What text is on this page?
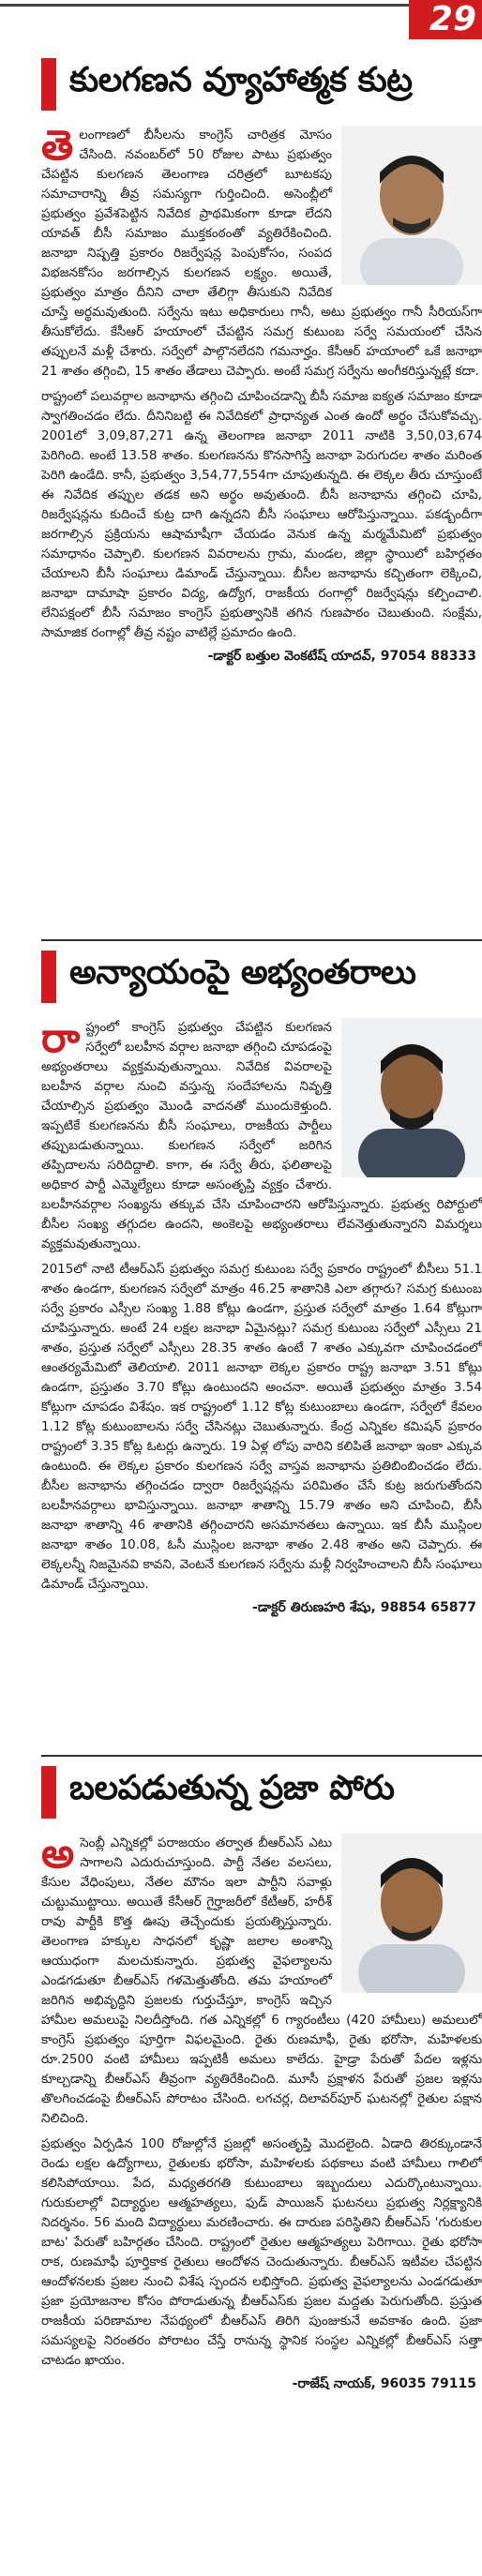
29
కులగణన వ్యూహాత్మక కుట్ర
తె లంగాణలో బీసీలను కాంగ్రెస్ చారిత్రక మోసం చేసింది. నవంబర్‌లో 50 రోజుల పాటు ప్రభుత్వం చేపట్టిన కులగణన తెలంగాణ చరిత్రలో బూటకపు సమాచారాన్ని తీవ్ర సమస్యగా గుర్తించింది. అసెంబ్లీలో ప్రభుత్వం ప్రవేశపెట్టిన నివేదిక ప్రాథమికంగా కూడా లేదని యావత్ బీసీ సమాజం ముక్తకంఠంతో వ్యతిరేకించింది. జనాభా నిష్పత్తి ప్రకారం రిజర్వేషన్ల పెంపుకోసం, సంపద విభజనకోసం జరగాల్సిన కులగణన లక్ష్యం. అయితే, ప్రభుత్వం మాత్రం దీనిని చాలా తేలిగ్గా తీసుకుని నివేదిక చూస్తే అర్థమవుతుంది. సర్వేను ఇటు అధికారులు గానీ, అటు ప్రభుత్వం గానీ సీరియస్‌గా తీసుకోలేదు. కేసీఆర్ హయాంలో చేపట్టిన సమగ్ర కుటుంబ సర్వే సమయంలో చేసిన తప్పులనే మళ్లీ చేశారు. సర్వేలో పాల్గొనలేదని గమనార్హం. కేసీఆర్ హయాంలో ఒకే జనాభా 21 శాతం తగ్గించి, 15 శాతం తేడాలు చెప్పారు. అంటే సమగ్ర సర్వేను అంగీకరిస్తున్నట్లే కదా.

రాష్ట్రంలో పలువర్గాల జనాభాను తగ్గించి చూపించడాన్ని బీసీ సమాజ ఐక్యత సమాజం కూడా స్వాగతించడం లేదు. దీనినిబట్టి ఈ నివేదికలో ప్రాధాన్యత ఎంత ఉందో అర్థం చేసుకోవచ్చు. 2001లో 3,09,87,271 ఉన్న తెలంగాణ జనాభా 2011 నాటికి 3,50,03,674 పెరిగింది. అంటే 13.58 శాతం. కులగణనను కొనసాగిస్తే జనాభా పెరుగుదల శాతం మరింత పెరిగి ఉండేది. కానీ, ప్రభుత్వం 3,54,77,554గా చూపుతున్నది. ఈ లెక్కల తీరు చూస్తుంటే ఈ నివేదిక తప్పుల తడక అని అర్థం అవుతుంది. బీసీ జనాభాను తగ్గించి చూపి, రిజర్వేషన్లను కుదించే కుట్ర దాగి ఉన్నదని బీసీ సంఘాలు ఆరోపిస్తున్నాయి. పకడ్బందీగా జరగాల్సిన ప్రక్రియను ఆషామాషీగా చేయడం వెనుక ఉన్న మర్మమేమిటో ప్రభుత్వం సమాధానం చెప్పాలి. కులగణన వివరాలను గ్రామ, మండల, జిల్లా స్థాయిలో బహిర్గతం చేయాలని బీసీ సంఘాలు డిమాండ్ చేస్తున్నాయి. బీసీల జనాభాను కచ్చితంగా లెక్కించి, జనాభా దామాషా ప్రకారం విద్య, ఉద్యోగ, రాజకీయ రంగాల్లో రిజర్వేషన్లు కల్పించాలి. లేనిపక్షంలో బీసీ సమాజం కాంగ్రెస్ ప్రభుత్వానికి తగిన గుణపాఠం చెబుతుంది. సంక్షేమ, సామాజిక రంగాల్లో తీవ్ర నష్టం వాటిల్లే ప్రమాదం ఉంది.

-డాక్టర్ బత్తుల వెంకటేష్ యాదవ్, 97054 88333
అన్యాయంపై అభ్యంతరాలు
రా ష్ట్రంలో కాంగ్రెస్ ప్రభుత్వం చేపట్టిన కులగణన సర్వేలో బలహీన వర్గాల జనాభా తగ్గించి చూపడంపై అభ్యంతరాలు వ్యక్తమవుతున్నాయి. నివేదిక వివరాలపై బలహీన వర్గాల నుంచి వస్తున్న సందేహాలను నివృత్తి చేయాల్సిన ప్రభుత్వం మొండి వాదనతో ముందుకెళ్తుంది. ఇప్పటికే కులగణనను బీసీ సంఘాలు, రాజకీయ పార్టీలు తప్పుబడుతున్నాయి. కులగణన సర్వేలో జరిగిన తప్పిదాలను సరిదిద్దాలి. కాగా, ఈ సర్వే తీరు, ఫలితాలపై అధికార పార్టీ ఎమ్మెల్యేలు కూడా అసంతృప్తి వ్యక్తం చేశారు. బలహీనవర్గాల సంఖ్యను తక్కువ చేసి చూపించారని ఆరోపిస్తున్నారు. ప్రభుత్వ రిపోర్టులో బీసీల సంఖ్య తగ్గుదల ఉందని, అంకెలపై అభ్యంతరాలు లేవనెత్తుతున్నారని విమర్శలు వ్యక్తమవుతున్నాయి.

2015లో నాటి టీఆర్ఎస్ ప్రభుత్వం సమగ్ర కుటుంబ సర్వే ప్రకారం రాష్ట్రంలో బీసీలు 51.1 శాతం ఉండగా, కులగణన సర్వేలో మాత్రం 46.25 శాతానికి ఎలా తగ్గారు? సమగ్ర కుటుంబ సర్వే ప్రకారం ఎస్సీల సంఖ్య 1.88 కోట్లు ఉండగా, ప్రస్తుత సర్వేలో మాత్రం 1.64 కోట్లుగా చూపిస్తున్నారు. అంటే 24 లక్షల జనాభా ఏమైనట్లు? సమగ్ర కుటుంబ సర్వేలో ఎస్సీలు 21 శాతం, ప్రస్తుత సర్వేలో ఎస్సీలు 28.35 శాతం ఉంటే 7 శాతం ఎక్కువగా చూపించడంలో ఆంతర్యమేమిటో తెలియాలి. 2011 జనాభా లెక్కల ప్రకారం రాష్ట్ర జనాభా 3.51 కోట్లు ఉండగా, ప్రస్తుతం 3.70 కోట్లు ఉంటుందని అంచనా. అయితే ప్రభుత్వం మాత్రం 3.54 కోట్లుగా చూపడం విశేషం. ఇక రాష్ట్రంలో 1.12 కోట్ల కుటుంబాలు ఉండగా, సర్వేలో కేవలం 1.12 కోట్ల కుటుంబాలను సర్వే చేసినట్లు చెబుతున్నారు. కేంద్ర ఎన్నికల కమిషన్ ప్రకారం రాష్ట్రంలో 3.35 కోట్ల ఓటర్లు ఉన్నారు. 19 ఏళ్ల లోపు వారిని కలిపితే జనాభా ఇంకా ఎక్కువ ఉంటుంది. ఈ లెక్కల ప్రకారం కులగణన సర్వే వాస్తవ జనాభాను ప్రతిబింబించడం లేదు. బీసీల జనాభాను తగ్గించడం ద్వారా రిజర్వేషన్లను పరిమితం చేసే కుట్ర జరుగుతోందని బలహీనవర్గాలు భావిస్తున్నాయి. జనాభా శాతాన్ని 15.79 శాతం అని చూపించి, బీసీ జనాభా శాతాన్ని 46 శాతానికి తగ్గించారని అసమానతలు ఉన్నాయి. ఇక బీసీ ముస్లింల జనాభా శాతం 10.08, ఓసీ ముస్లింల జనాభా శాతం 2.48 శాతం అని చెప్పారు. ఈ లెక్కలన్నీ నిజమైనవి కావని, వెంటనే కులగణన సర్వేను మళ్లీ నిర్వహించాలని బీసీ సంఘాలు డిమాండ్ చేస్తున్నాయి.

-డాక్టర్ తిరుణహరి శేషు, 98854 65877
బలపడుతున్న ప్రజా పోరు
అ సెంబ్లీ ఎన్నికల్లో పరాజయం తర్వాత బీఆర్ఎస్ ఎటు సాగాలని ఎదురుచూస్తుంది. పార్టీ నేతల వలసలు, కేసుల వేధింపులు, నేతల మౌనం ఇలా పార్టీని సవాళ్లు చుట్టుముట్టాయి. అయితే కేసీఆర్ గైర్హాజరీలో కేటీఆర్, హరీశ్ రావు పార్టీకి కొత్త ఊపు తెచ్చేందుకు ప్రయత్నిస్తున్నారు. తెలంగాణ హక్కుల సాధనలో కృష్ణా జలాల అంశాన్ని ఆయుధంగా మలచుకున్నారు. ప్రభుత్వ వైఫల్యాలను ఎండగడుతూ బీఆర్ఎస్ గళమెత్తుతోంది. తమ హయాంలో జరిగిన అభివృద్ధిని ప్రజలకు గుర్తుచేస్తూ, కాంగ్రెస్ ఇచ్చిన హామీల అమలుపై నిలదీస్తోంది. గత ఎన్నికల్లో 6 గ్యారంటీలు (420 హామీలు) అమలులో కాంగ్రెస్ ప్రభుత్వం పూర్తిగా విఫలమైంది. రైతు రుణమాఫీ, రైతు భరోసా, మహిళలకు రూ.2500 వంటి హామీలు ఇప్పటికీ అమలు కాలేదు. హైడ్రా పేరుతో పేదల ఇళ్లను కూల్చడాన్ని బీఆర్ఎస్ తీవ్రంగా వ్యతిరేకించింది. మూసీ ప్రక్షాళన పేరుతో ప్రజల ఇళ్లను తొలగించడంపై బీఆర్ఎస్ పోరాటం చేసింది. లగచర్ల, దిలావర్‌పూర్ ఘటనల్లో రైతుల పక్షాన నిలిచింది.

ప్రభుత్వం ఏర్పడిన 100 రోజుల్లోనే ప్రజల్లో అసంతృప్తి మొదలైంది. ఏడాది తిరక్కుండానే రెండు లక్షల ఉద్యోగాలు, రైతులకు భరోసా, మహిళలకు పథకాలు వంటి హామీలు గాలిలో కలిసిపోయాయి. పేద, మధ్యతరగతి కుటుంబాలు ఇబ్బందులు ఎదుర్కొంటున్నాయి. గురుకులాల్లో విద్యార్థుల ఆత్మహత్యలు, ఫుడ్ పాయిజన్ ఘటనలు ప్రభుత్వ నిర్లక్ష్యానికి నిదర్శనం. 56 మంది విద్యార్థులు మరణించారు. ఈ దారుణ పరిస్థితిని బీఆర్ఎస్ 'గురుకుల బాట' పేరుతో బహిర్గతం చేసింది. రాష్ట్రంలో రైతుల ఆత్మహత్యలు పెరిగాయి. రైతు భరోసా రాక, రుణమాఫీ పూర్తికాక రైతులు ఆందోళన చెందుతున్నారు. బీఆర్ఎస్ ఇటీవల చేపట్టిన ఆందోళనలకు ప్రజల నుంచి విశేష స్పందన లభిస్తోంది. ప్రభుత్వ వైఫల్యాలను ఎండగడుతూ ప్రజా ప్రయోజనాల కోసం పోరాడుతున్న బీఆర్ఎస్‌కు ప్రజల మద్దతు పెరుగుతోంది. ప్రస్తుత రాజకీయ పరిణామాల నేపథ్యంలో బీఆర్ఎస్ తిరిగి పుంజుకునే అవకాశం ఉంది. ప్రజా సమస్యలపై నిరంతరం పోరాటం చేస్తే రానున్న స్థానిక సంస్థల ఎన్నికల్లో బీఆర్ఎస్ సత్తా చాటడం ఖాయం.

-రాజేష్ నాయక్, 96035 79115
